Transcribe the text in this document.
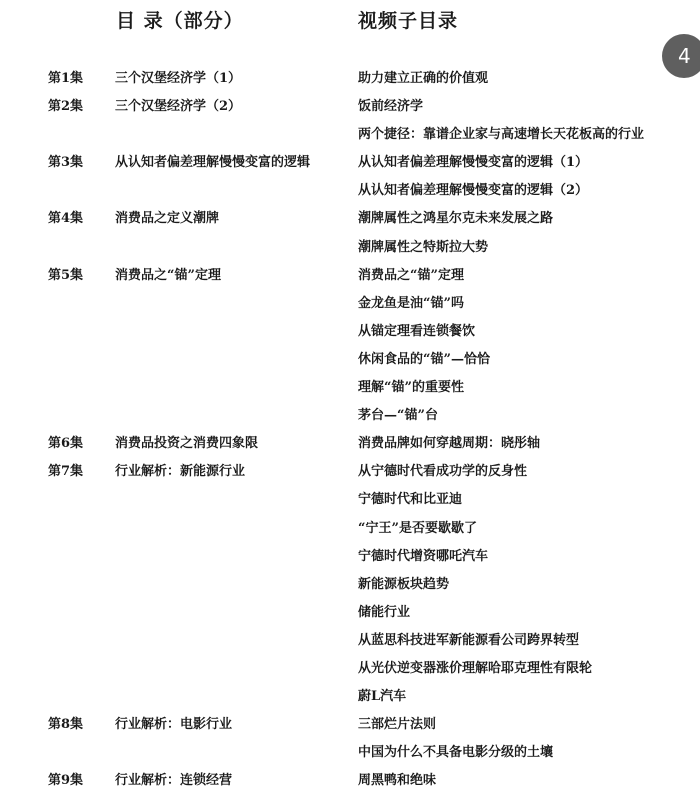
目 录（部分）	视频子目录
4
第1集 三个汉堡经济学（1）	助力建立正确的价值观
第2集 三个汉堡经济学（2）	饭前经济学
两个捷径：靠谱企业家与高速增长天花板高的行业
第3集 从认知者偏差理解慢慢变富的逻辑	从认知者偏差理解慢慢变富的逻辑（1）
从认知者偏差理解慢慢变富的逻辑（2）
第4集 消费品之定义潮牌	潮牌属性之鸿星尔克未来发展之路
潮牌属性之特斯拉大势
第5集 消费品之“锚”定理	消费品之“锚”定理
金龙鱼是油“锚”吗
从锚定理看连锁餐饮
休闲食品的“锚”—恰恰
理解“锚”的重要性
茅台—“锚”台
第6集 消费品投资之消费四象限	消费品牌如何穿越周期：晓彤轴
第7集 行业解析：新能源行业	从宁德时代看成功学的反身性
宁德时代和比亚迪
“宁王”是否要歇歇了
宁德时代增资哪吒汽车
新能源板块趋势
储能行业
从蓝思科技进军新能源看公司跨界转型
从光伏逆变器涨价理解哈耶克理性有限轮
蔚L汽车
第8集 行业解析：电影行业	三部烂片法则
中国为什么不具备电影分级的土壤
第9集 行业解析：连锁经营	周黑鸭和绝味
